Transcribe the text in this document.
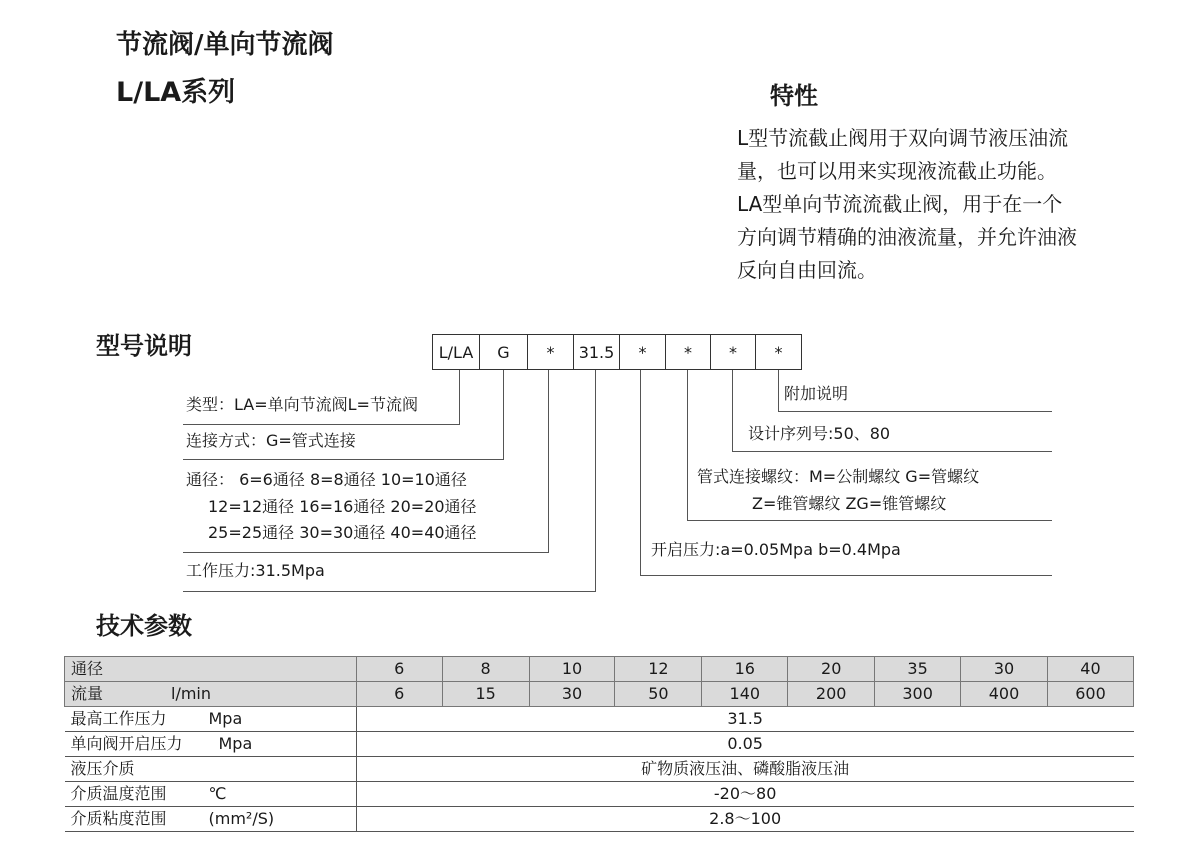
节流阀/单向节流阀
L/LA系列	特性
L型节流截止阀用于双向调节液压油流
量，也可以用来实现液流截止功能。
LA型单向节流流截止阀，用于在一个
方向调节精确的油液流量，并允许油液
反向自由回流。
型号说明	L/LA	G	*	31.5	*	*	*	*
类型：LA=单向节流阀L=节流阀
连接方式：G=管式连接
通径： 6=6通径 8=8通径 10=10通径
12=12通径 16=16通径 20=20通径
25=25通径 30=30通径 40=40通径
工作压力:31.5Mpa
附加说明
设计序列号:50、80
管式连接螺纹：M=公制螺纹 G=管螺纹
Z=锥管螺纹 ZG=锥管螺纹
开启压力:a=0.05Mpa b=0.4Mpa
技术参数
通径	6	8	10	12	16	20	35	30	40
流量 l/min	6	15	30	50	140	200	300	400	600
最高工作压力 Mpa	31.5								
单向阀开启压力 Mpa	0.05								
液压介质	矿物质液压油、磷酸脂液压油								
介质温度范围 ℃	-20～80								
介质粘度范围 (mm²/S)	2.8～100								
